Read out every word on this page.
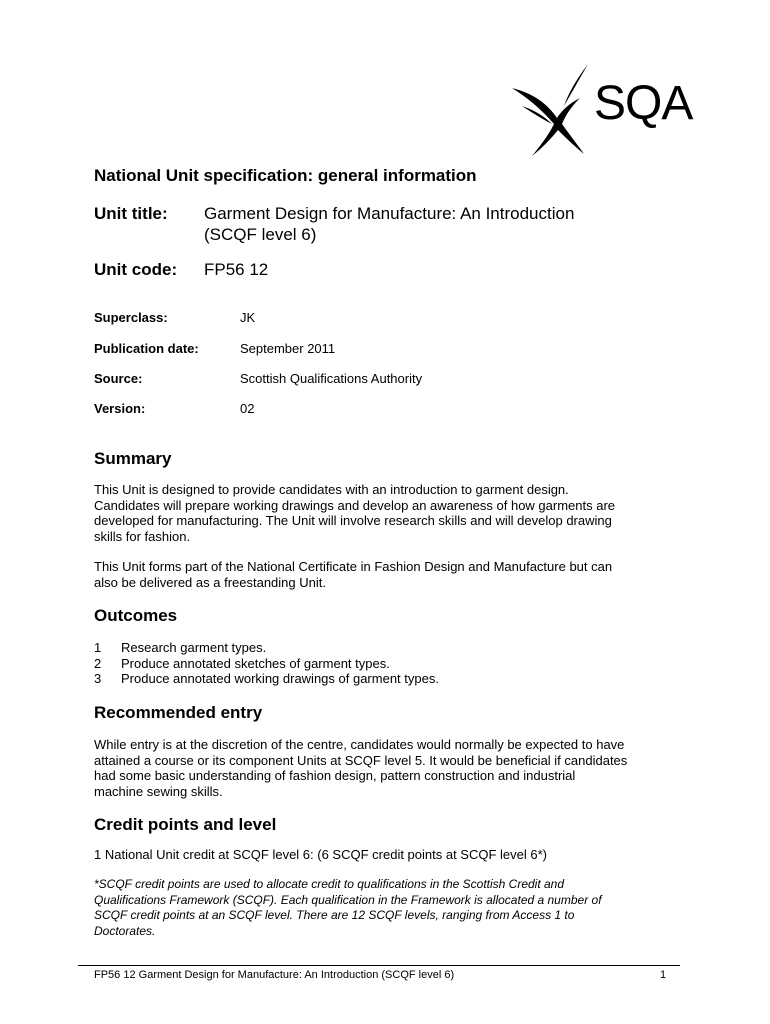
SQA
National Unit specification: general information
Unit title: Garment Design for Manufacture: An Introduction
(SCQF level 6)
Unit code: FP56 12
Superclass:	JK
Publication date:	September 2011
Source:	Scottish Qualifications Authority
Version:	02
Summary
This Unit is designed to provide candidates with an introduction to garment design.
Candidates will prepare working drawings and develop an awareness of how garments are
developed for manufacturing. The Unit will involve research skills and will develop drawing
skills for fashion.
This Unit forms part of the National Certificate in Fashion Design and Manufacture but can
also be delivered as a freestanding Unit.
Outcomes
1 Research garment types.
2 Produce annotated sketches of garment types.
3 Produce annotated working drawings of garment types.
Recommended entry
While entry is at the discretion of the centre, candidates would normally be expected to have
attained a course or its component Units at SCQF level 5. It would be beneficial if candidates
had some basic understanding of fashion design, pattern construction and industrial
machine sewing skills.
Credit points and level
1 National Unit credit at SCQF level 6: (6 SCQF credit points at SCQF level 6*)
*SCQF credit points are used to allocate credit to qualifications in the Scottish Credit and
Qualifications Framework (SCQF). Each qualification in the Framework is allocated a number of
SCQF credit points at an SCQF level. There are 12 SCQF levels, ranging from Access 1 to
Doctorates.
FP56 12 Garment Design for Manufacture: An Introduction (SCQF level 6)	1
